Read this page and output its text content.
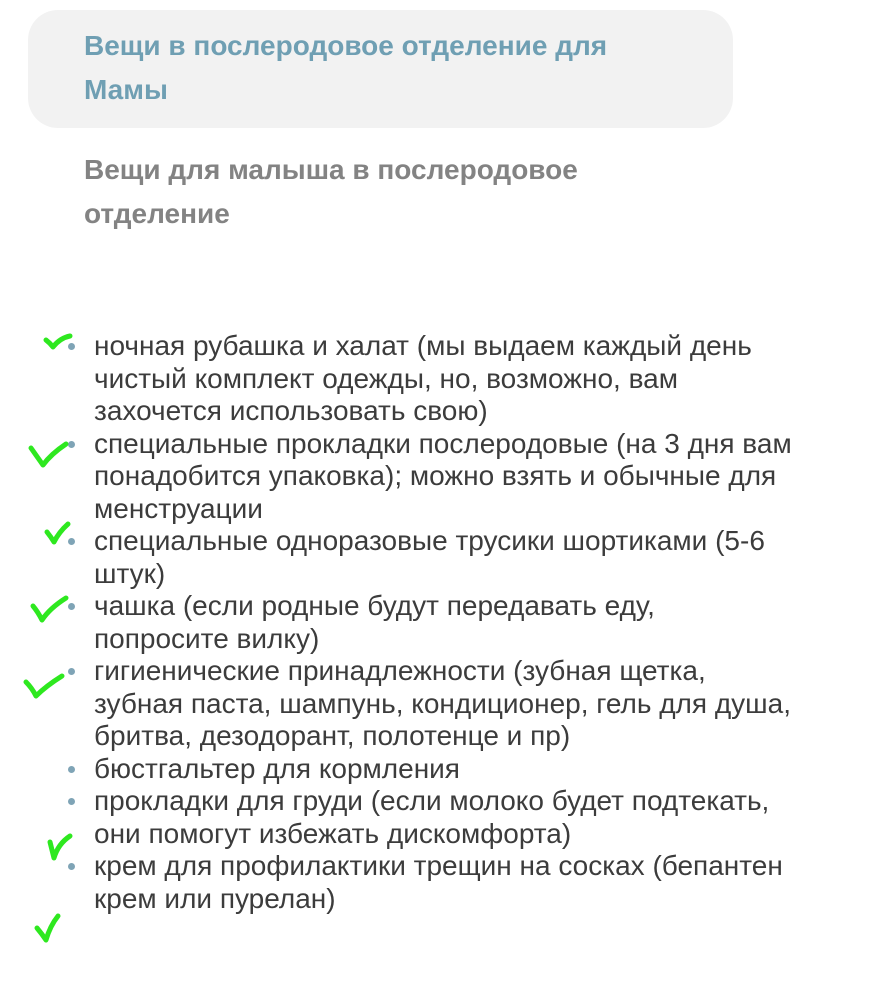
Вещи в послеродовое отделение для Мамы
Вещи для малыша в послеродовое отделение
ночная рубашка и халат (мы выдаем каждый день чистый комплект одежды, но, возможно, вам захочется использовать свою)
специальные прокладки послеродовые (на 3 дня вам понадобится упаковка); можно взять и обычные для менструации
специальные одноразовые трусики шортиками (5-6 штук)
чашка (если родные будут передавать еду, попросите вилку)
гигиенические принадлежности (зубная щетка, зубная паста, шампунь, кондиционер, гель для душа, бритва, дезодорант, полотенце и пр)
бюстгальтер для кормления
прокладки для груди (если молоко будет подтекать, они помогут избежать дискомфорта)
крем для профилактики трещин на сосках (бепантен крем или пурелан)
